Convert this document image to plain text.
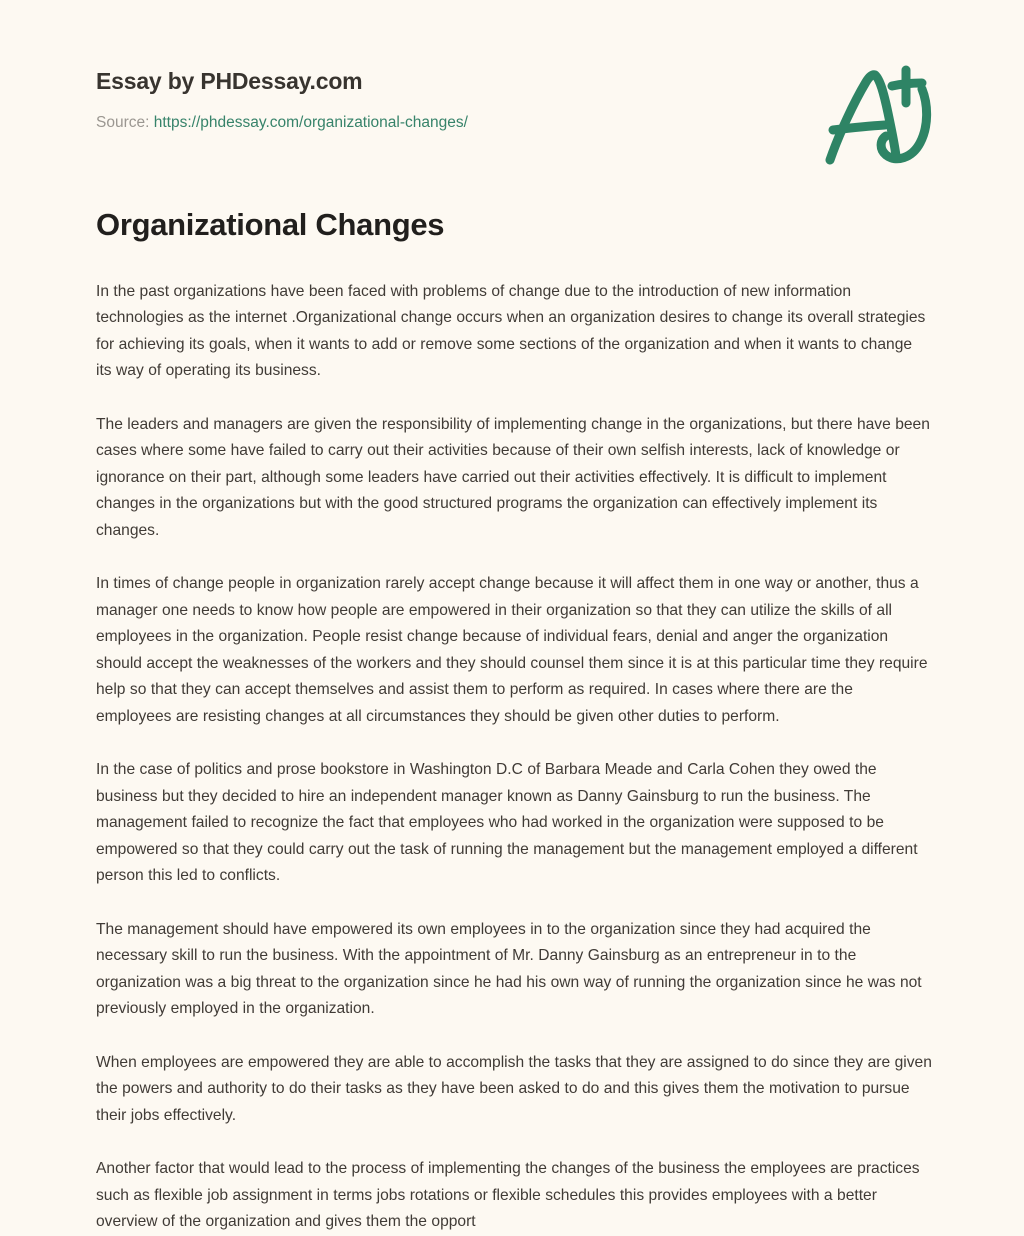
Essay by PHDessay.com
Source: https://phdessay.com/organizational-changes/
Organizational Changes

In the past organizations have been faced with problems of change due to the introduction of new information technologies as the internet .Organizational change occurs when an organization desires to change its overall strategies for achieving its goals, when it wants to add or remove some sections of the organization and when it wants to change its way of operating its business.

The leaders and managers are given the responsibility of implementing change in the organizations, but there have been cases where some have failed to carry out their activities because of their own selfish interests, lack of knowledge or ignorance on their part, although some leaders have carried out their activities effectively. It is difficult to implement changes in the organizations but with the good structured programs the organization can effectively implement its changes.

In times of change people in organization rarely accept change because it will affect them in one way or another, thus a manager one needs to know how people are empowered in their organization so that they can utilize the skills of all employees in the organization. People resist change because of individual fears, denial and anger the organization should accept the weaknesses of the workers and they should counsel them since it is at this particular time they require help so that they can accept themselves and assist them to perform as required. In cases where there are the employees are resisting changes at all circumstances they should be given other duties to perform.

In the case of politics and prose bookstore in Washington D.C of Barbara Meade and Carla Cohen they owed the business but they decided to hire an independent manager known as Danny Gainsburg to run the business. The management failed to recognize the fact that employees who had worked in the organization were supposed to be empowered so that they could carry out the task of running the management but the management employed a different person this led to conflicts.

The management should have empowered its own employees in to the organization since they had acquired the necessary skill to run the business. With the appointment of Mr. Danny Gainsburg as an entrepreneur in to the organization was a big threat to the organization since he had his own way of running the organization since he was not previously employed in the organization.

When employees are empowered they are able to accomplish the tasks that they are assigned to do since they are given the powers and authority to do their tasks as they have been asked to do and this gives them the motivation to pursue their jobs effectively.

Another factor that would lead to the process of implementing the changes of the business the employees are practices such as flexible job assignment in terms jobs rotations or flexible schedules this provides employees with a better overview of the organization and gives them the opport
